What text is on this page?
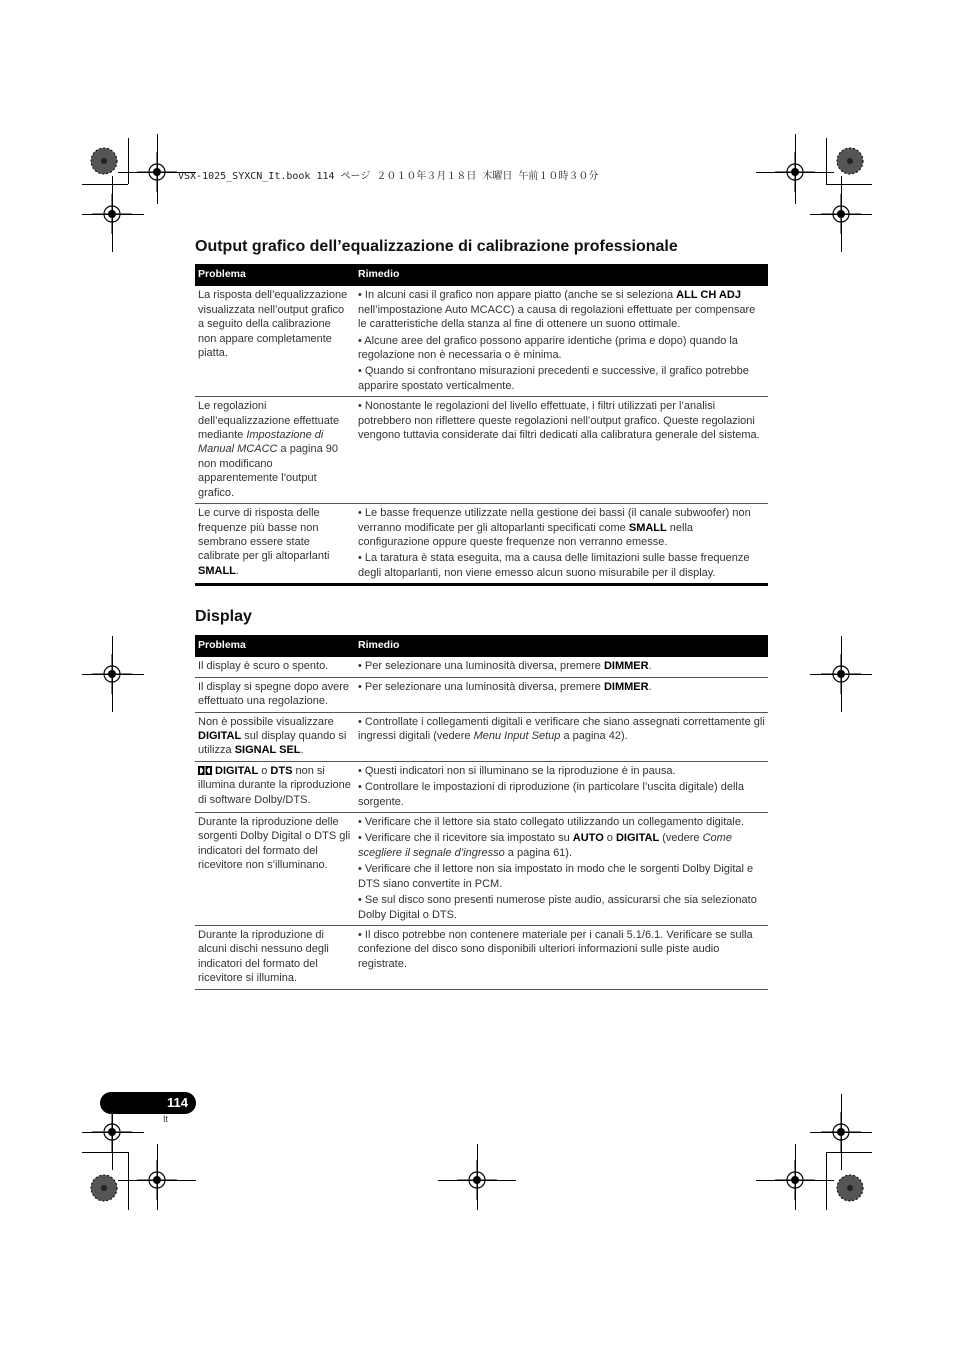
VSX-1025_SYXCN_It.book 114 ページ ２０１０年３月１８日 木曜日 午前１０時３０分
Output grafico dell’equalizzazione di calibrazione professionale
Problema	Rimedio
La risposta dell’equalizzazione visualizzata nell’output grafico a seguito della calibrazione non appare completamente piatta.	• In alcuni casi il grafico non appare piatto (anche se si seleziona ALL CH ADJ nell’impostazione Auto MCACC) a causa di regolazioni effettuate per compensare le caratteristiche della stanza al fine di ottenere un suono ottimale.
• Alcune aree del grafico possono apparire identiche (prima e dopo) quando la regolazione non è necessaria o è minima.
• Quando si confrontano misurazioni precedenti e successive, il grafico potrebbe apparire spostato verticalmente.

Le regolazioni dell’equalizzazione effettuate mediante Impostazione di Manual MCACC a pagina 90 non modificano apparentemente l’output grafico.	• Nonostante le regolazioni del livello effettuate, i filtri utilizzati per l’analisi potrebbero non riflettere queste regolazioni nell’output grafico. Queste regolazioni vengono tuttavia considerate dai filtri dedicati alla calibratura generale del sistema.

Le curve di risposta delle frequenze più basse non sembrano essere state calibrate per gli altoparlanti SMALL.	• Le basse frequenze utilizzate nella gestione dei bassi (il canale subwoofer) non verranno modificate per gli altoparlanti specificati come SMALL nella configurazione oppure queste frequenze non verranno emesse.
• La taratura è stata eseguita, ma a causa delle limitazioni sulle basse frequenze degli altoparlanti, non viene emesso alcun suono misurabile per il display.
Display
Problema	Rimedio
Il display è scuro o spento.	• Per selezionare una luminosità diversa, premere DIMMER.

Il display si spegne dopo avere effettuato una regolazione.	• Per selezionare una luminosità diversa, premere DIMMER.

Non è possibile visualizzare DIGITAL sul display quando si utilizza SIGNAL SEL.	• Controllate i collegamenti digitali e verificare che siano assegnati correttamente gli ingressi digitali (vedere Menu Input Setup a pagina 42).

DIGITAL o DTS non si illumina durante la riproduzione di software Dolby/DTS.	• Questi indicatori non si illuminano se la riproduzione è in pausa.
• Controllare le impostazioni di riproduzione (in particolare l’uscita digitale) della sorgente.

Durante la riproduzione delle sorgenti Dolby Digital o DTS gli indicatori del formato del ricevitore non s’illuminano.	• Verificare che il lettore sia stato collegato utilizzando un collegamento digitale.
• Verificare che il ricevitore sia impostato su AUTO o DIGITAL (vedere Come scegliere il segnale d’ingresso a pagina 61).
• Verificare che il lettore non sia impostato in modo che le sorgenti Dolby Digital e DTS siano convertite in PCM.
• Se sul disco sono presenti numerose piste audio, assicurarsi che sia selezionato Dolby Digital o DTS.

Durante la riproduzione di alcuni dischi nessuno degli indicatori del formato del ricevitore si illumina.	• Il disco potrebbe non contenere materiale per i canali 5.1/6.1. Verificare se sulla confezione del disco sono disponibili ulteriori informazioni sulle piste audio registrate.
114
It
